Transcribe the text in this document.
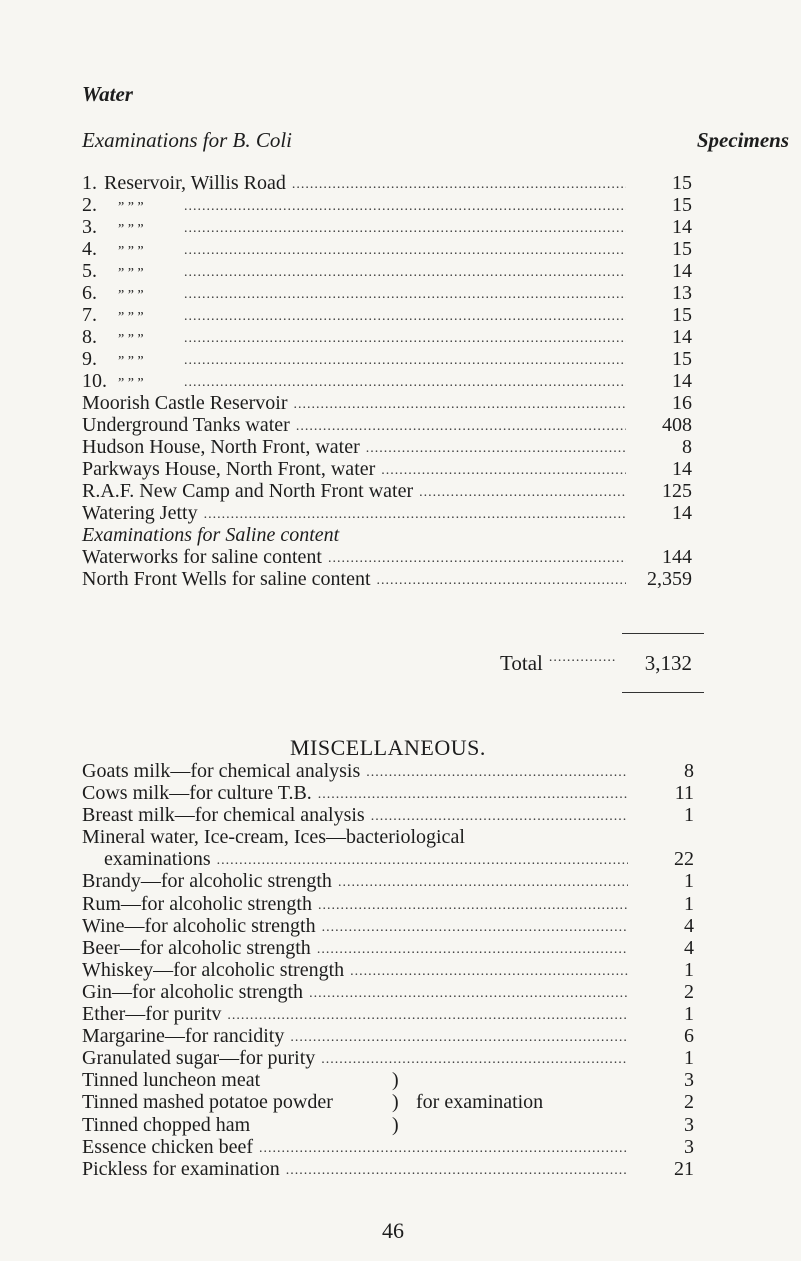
Water
Examinations for B. Coli	Specimens
1. Reservoir, Willis Road .....	15
2.	” ” ” .....	15
3.	” ” ” .....	14
4.	” ” ” .....	15
5.	” ” ” .....	14
6.	” ” ” .....	13
7.	” ” ” .....	15
8.	” ” ” .....	14
9.	” ” ” .....	15
10. ” ” ” .....	14
Moorish Castle Reservoir .....	16
Underground Tanks water .....	408
Hudson House, North Front, water .....	8
Parkways House, North Front, water .....	14
R.A.F. New Camp and North Front water .....	125
Watering Jetty .....	14
Examinations for Saline content
Waterworks for saline content .....	144
North Front Wells for saline content .....	2,359
Total .....	3,132
MISCELLANEOUS.
Goats milk—for chemical analysis .....	8
Cows milk—for culture T.B. .....	11
Breast milk—for chemical analysis .....	1
Mineral water, Ice-cream, Ices—bacteriological
examinations .....	22
Brandy—for alcoholic strength .....	1
Rum—for alcoholic strength .....	1
Wine—for alcoholic strength .....	4
Beer—for alcoholic strength .....	4
Whiskey—for alcoholic strength .....	1
Gin—for alcoholic strength .....	2
Ether—for puritv .....	1
Margarine—for rancidity .....	6
Granulated sugar—for purity .....	1
Tinned luncheon meat	)	3
Tinned mashed potatoe powder	) for examination	2
Tinned chopped ham	)	3
Essence chicken beef .....	3
Pickless for examination .....	21
46
